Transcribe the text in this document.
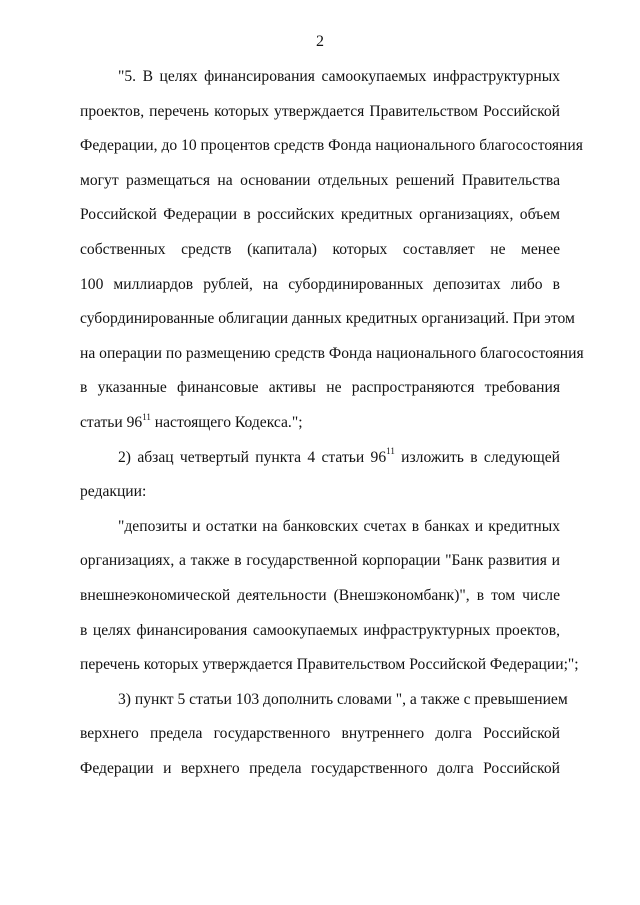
2
"5. В целях финансирования самоокупаемых инфраструктурных
проектов, перечень которых утверждается Правительством Российской
Федерации, до 10 процентов средств Фонда национального благосостояния
могут размещаться на основании отдельных решений Правительства
Российской Федерации в российских кредитных организациях, объем
собственных средств (капитала) которых составляет не менее
100 миллиардов рублей, на субординированных депозитах либо в
субординированные облигации данных кредитных организаций. При этом
на операции по размещению средств Фонда национального благосостояния
в указанные финансовые активы не распространяются требования
статьи $96^{11}$ настоящего Кодекса.";
2) абзац четвертый пункта 4 статьи $96^{11}$ изложить в следующей
редакции:
"депозиты и остатки на банковских счетах в банках и кредитных
организациях, а также в государственной корпорации "Банк развития и
внешнеэкономической деятельности (Внешэкономбанк)", в том числе
в целях финансирования самоокупаемых инфраструктурных проектов,
перечень которых утверждается Правительством Российской Федерации;";
3) пункт 5 статьи 103 дополнить словами ", а также с превышением
верхнего предела государственного внутреннего долга Российской
Федерации и верхнего предела государственного долга Российской
